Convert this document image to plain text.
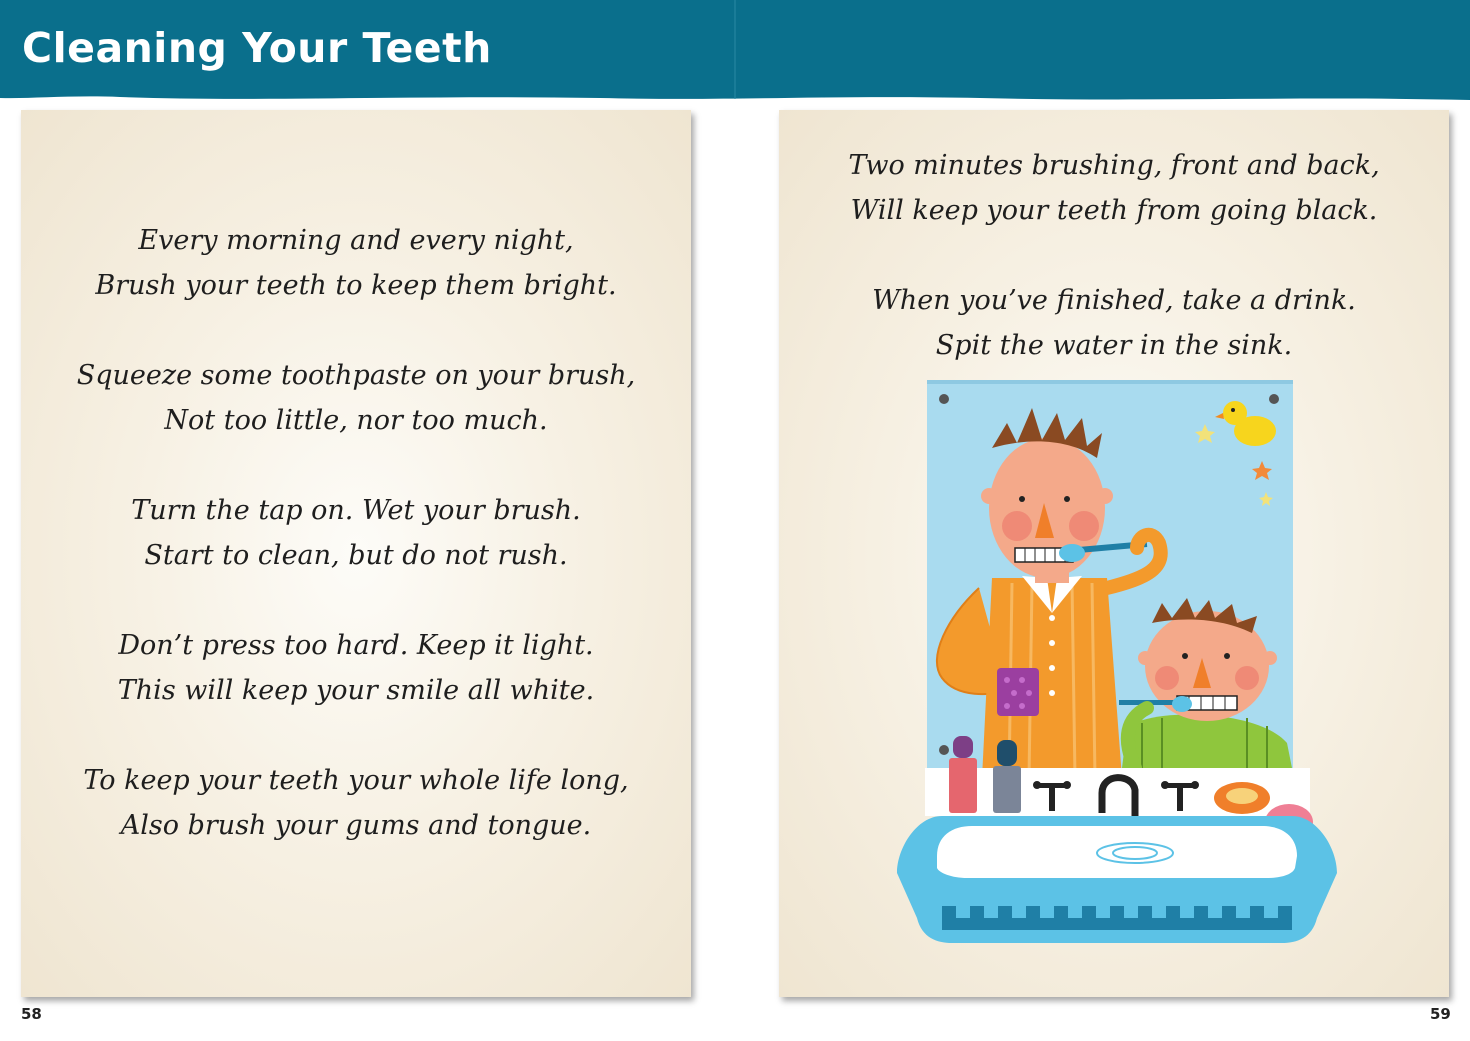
Cleaning Your Teeth
Every morning and every night,
Brush your teeth to keep them bright.
Squeeze some toothpaste on your brush,
Not too little, nor too much.
Turn the tap on. Wet your brush.
Start to clean, but do not rush.
Don’t press too hard. Keep it light.
This will keep your smile all white.
To keep your teeth your whole life long,
Also brush your gums and tongue.
58
Two minutes brushing, front and back,
Will keep your teeth from going black.
When you’ve finished, take a drink.
Spit the water in the sink.
59
